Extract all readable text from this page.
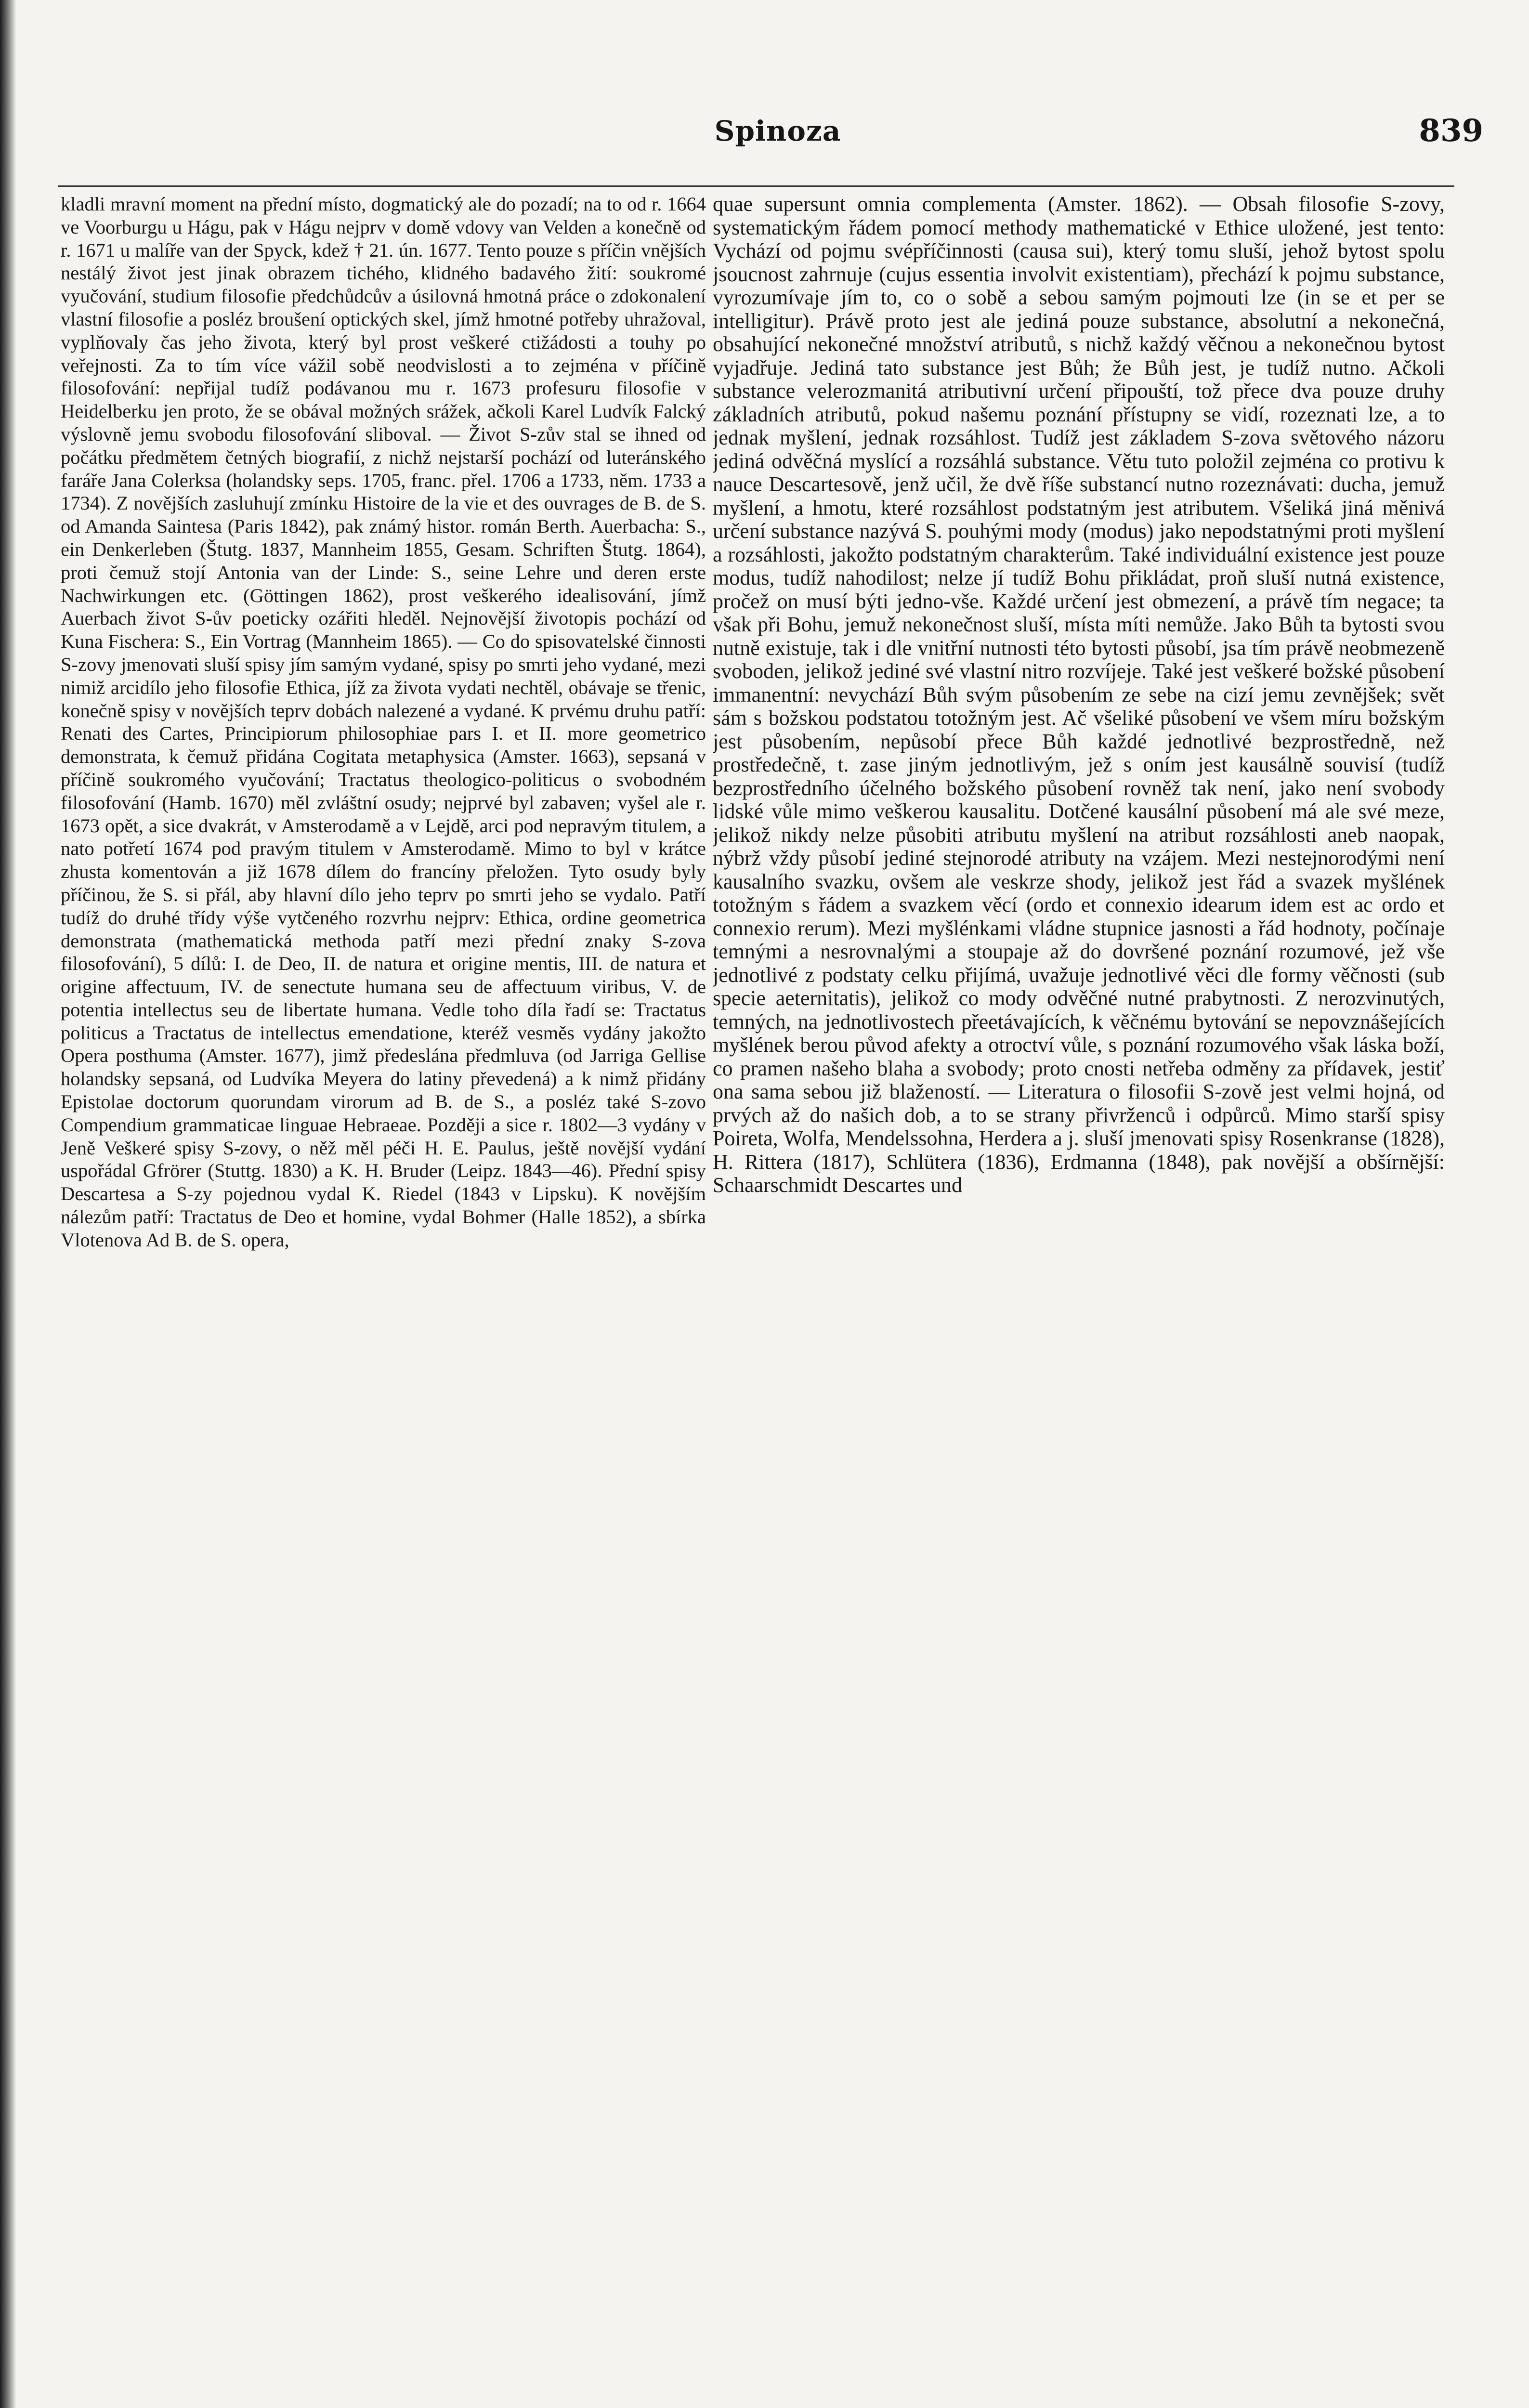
Spinoza	839

kladli mravní moment na přední místo, dogmatický ale do pozadí; na to od r. 1664 ve Voorburgu u Hágu, pak v Hágu nejprv v domě vdovy van Velden a konečně od r. 1671 u malíře van der Spyck, kdež † 21. ún. 1677. Tento pouze s příčin vnějších nestálý život jest jinak obrazem tichého, klidného badavého žití: soukromé vyučování, studium filosofie předchůdcův a úsilovná hmotná práce o zdokonalení vlastní filosofie a posléz broušení optických skel, jímž hmotné potřeby uhražoval, vyplňovaly čas jeho života, který byl prost veškeré ctižádosti a touhy po veřejnosti. Za to tím více vážil sobě neodvislosti a to zejména v příčině filosofování: nepřijal tudíž podávanou mu r. 1673 profesuru filosofie v Heidelberku jen proto, že se obával možných srážek, ačkoli Karel Ludvík Falcký výslovně jemu svobodu filosofování sliboval. — Život S-zův stal se ihned od počátku předmětem četných biografií, z nichž nejstarší pochází od luteránského faráře Jana Colerksa (holandsky seps. 1705, franc. přel. 1706 a 1733, něm. 1733 a 1734). Z novějších zasluhují zmínku Histoire de la vie et des ouvrages de B. de S. od Amanda Saintesa (Paris 1842), pak známý histor. román Berth. Auerbacha: S., ein Denkerleben (Štutg. 1837, Mannheim 1855, Gesam. Schriften Štutg. 1864), proti čemuž stojí Antonia van der Linde: S., seine Lehre und deren erste Nachwirkungen etc. (Göttingen 1862), prost veškerého idealisování, jímž Auerbach život S-ův poeticky ozářiti hleděl. Nejnovější životopis pochází od Kuna Fischera: S., Ein Vortrag (Mannheim 1865). — Co do spisovatelské činnosti S-zovy jmenovati sluší spisy jím samým vydané, spisy po smrti jeho vydané, mezi nimiž arcidílo jeho filosofie Ethica, jíž za života vydati nechtěl, obávaje se třenic, konečně spisy v novějších teprv dobách nalezené a vydané. K prvému druhu patří: Renati des Cartes, Principiorum philosophiae pars I. et II. more geometrico demonstrata, k čemuž přidána Cogitata metaphysica (Amster. 1663), sepsaná v příčině soukromého vyučování; Tractatus theologico-politicus o svobodném filosofování (Hamb. 1670) měl zvláštní osudy; nejprvé byl zabaven; vyšel ale r. 1673 opět, a sice dvakrát, v Amsterodamě a v Lejdě, arci pod nepravým titulem, a nato potřetí 1674 pod pravým titulem v Amsterodamě. Mimo to byl v krátce zhusta komentován a již 1678 dílem do francíny přeložen. Tyto osudy byly příčinou, že S. si přál, aby hlavní dílo jeho teprv po smrti jeho se vydalo. Patří tudíž do druhé třídy výše vytčeného rozvrhu nejprv: Ethica, ordine geometrica demonstrata (mathematická methoda patří mezi přední znaky S-zova filosofování), 5 dílů: I. de Deo, II. de natura et origine mentis, III. de natura et origine affectuum, IV. de senectute humana seu de affectuum viribus, V. de potentia intellectus seu de libertate humana. Vedle toho díla řadí se: Tractatus politicus a Tractatus de intellectus emendatione, kteréž vesměs vydány jakožto Opera posthuma (Amster. 1677), jimž předeslána předmluva (od Jarriga Gellise holandsky sepsaná, od Ludvíka Meyera do latiny převedená) a k nimž přidány Epistolae doctorum quorundam virorum ad B. de S., a posléz také S-zovo Compendium grammaticae linguae Hebraeae. Později a sice r. 1802—3 vydány v Jeně Veškeré spisy S-zovy, o něž měl péči H. E. Paulus, ještě novější vydání uspořádal Gfrörer (Stuttg. 1830) a K. H. Bruder (Leipz. 1843—46). Přední spisy Descartesa a S-zy pojednou vydal K. Riedel (1843 v Lipsku). K novějším nálezům patří: Tractatus de Deo et homine, vydal Bohmer (Halle 1852), a sbírka Vlotenova Ad B. de S. opera,

quae supersunt omnia complementa (Amster. 1862). — Obsah filosofie S-zovy, systematickým řádem pomocí methody mathematické v Ethice uložené, jest tento: Vychází od pojmu svépříčinnosti (causa sui), který tomu sluší, jehož bytost spolu jsoucnost zahrnuje (cujus essentia involvit existentiam), přechází k pojmu substance, vyrozumívaje jím to, co o sobě a sebou samým pojmouti lze (in se et per se intelligitur). Právě proto jest ale jediná pouze substance, absolutní a nekonečná, obsahující nekonečné množství atributů, s nichž každý věčnou a nekonečnou bytost vyjadřuje. Jediná tato substance jest Bůh; že Bůh jest, je tudíž nutno. Ačkoli substance velerozmanitá atributivní určení připouští, tož přece dva pouze druhy základních atributů, pokud našemu poznání přístupny se vidí, rozeznati lze, a to jednak myšlení, jednak rozsáhlost. Tudíž jest základem S-zova světového názoru jediná odvěčná myslící a rozsáhlá substance. Větu tuto položil zejména co protivu k nauce Descartesově, jenž učil, že dvě říše substancí nutno rozeznávati: ducha, jemuž myšlení, a hmotu, které rozsáhlost podstatným jest atributem. Všeliká jiná měnivá určení substance nazývá S. pouhými mody (modus) jako nepodstatnými proti myšlení a rozsáhlosti, jakožto podstatným charakterům. Také individuální existence jest pouze modus, tudíž nahodilost; nelze jí tudíž Bohu přikládat, proň sluší nutná existence, pročež on musí býti jedno-vše. Každé určení jest obmezení, a právě tím negace; ta však při Bohu, jemuž nekonečnost sluší, místa míti nemůže. Jako Bůh ta bytosti svou nutně existuje, tak i dle vnitřní nutnosti této bytosti působí, jsa tím právě neobmezeně svoboden, jelikož jediné své vlastní nitro rozvíjeje. Také jest veškeré božské působení immanentní: nevychází Bůh svým působením ze sebe na cizí jemu zevnějšek; svět sám s božskou podstatou totožným jest. Ač všeliké působení ve všem míru božským jest působením, nepůsobí přece Bůh každé jednotlivé bezprostředně, než prostředečně, t. zase jiným jednotlivým, jež s oním jest kausálně souvisí (tudíž bezprostředního účelného božského působení rovněž tak není, jako není svobody lidské vůle mimo veškerou kausalitu. Dotčené kausální působení má ale své meze, jelikož nikdy nelze působiti atributu myšlení na atribut rozsáhlosti aneb naopak, nýbrž vždy působí jediné stejnorodé atributy na vzájem. Mezi nestejnorodými není kausalního svazku, ovšem ale veskrze shody, jelikož jest řád a svazek myšlének totožným s řádem a svazkem věcí (ordo et connexio idearum idem est ac ordo et connexio rerum). Mezi myšlénkami vládne stupnice jasnosti a řád hodnoty, počínaje temnými a nesrovnalými a stoupaje až do dovršené poznání rozumové, jež vše jednotlivé z podstaty celku přijímá, uvažuje jednotlivé věci dle formy věčnosti (sub specie aeternitatis), jelikož co mody odvěčné nutné prabytnosti. Z nerozvinutých, temných, na jednotlivostech přeetávajících, k věčnému bytování se nepovznášejících myšlének berou původ afekty a otroctví vůle, s poznání rozumového však láska boží, co pramen našeho blaha a svobody; proto cnosti netřeba odměny za přídavek, jestiť ona sama sebou již blažeností. — Literatura o filosofii S-zově jest velmi hojná, od prvých až do našich dob, a to se strany přivrženců i odpůrců. Mimo starší spisy Poireta, Wolfa, Mendelssohna, Herdera a j. sluší jmenovati spisy Rosenkranse (1828), H. Rittera (1817), Schlütera (1836), Erdmanna (1848), pak novější a obšírnější: Schaarschmidt Descartes und
